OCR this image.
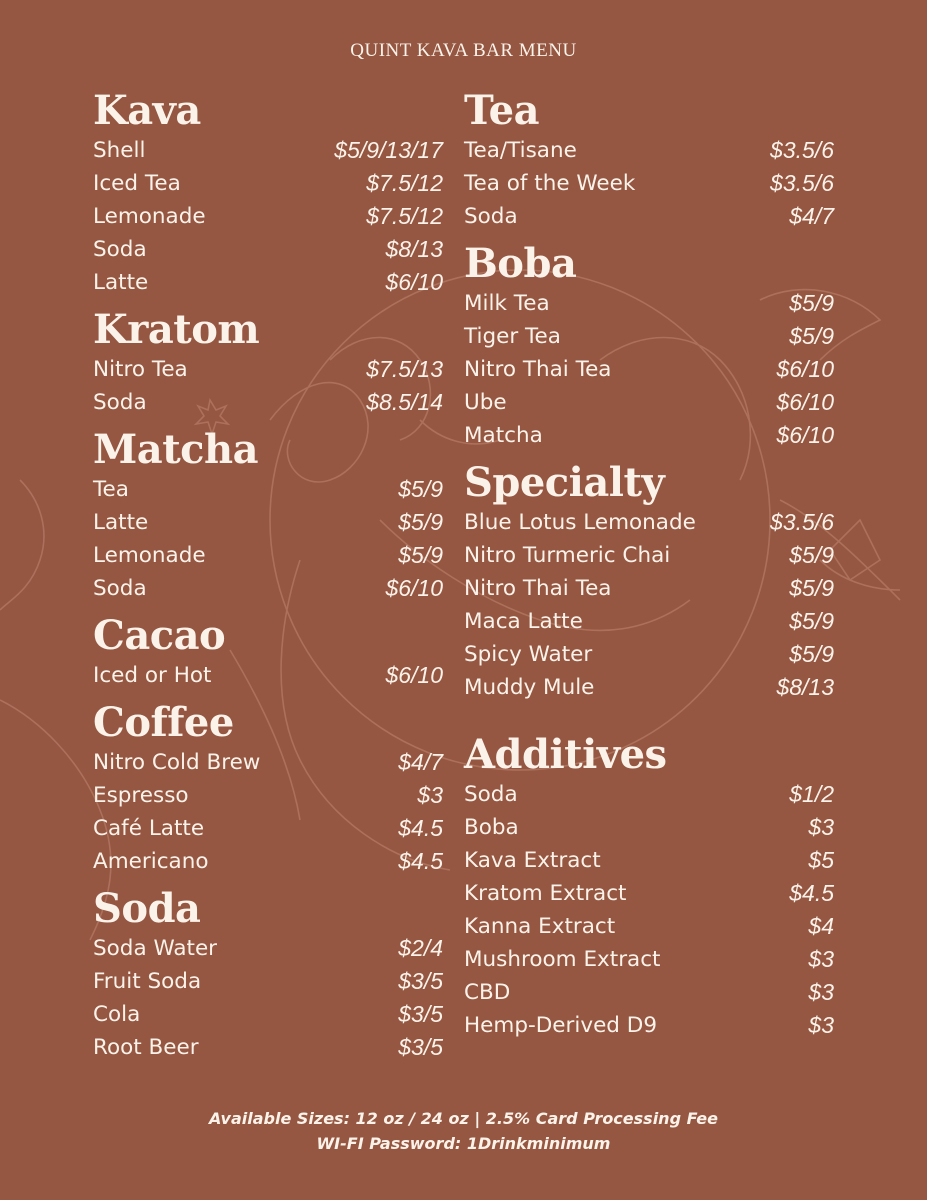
QUINT KAVA BAR MENU
Kava
Shell	$5/9/13/17
Iced Tea	$7.5/12
Lemonade	$7.5/12
Soda	$8/13
Latte	$6/10
Kratom
Nitro Tea	$7.5/13
Soda	$8.5/14
Matcha
Tea	$5/9
Latte	$5/9
Lemonade	$5/9
Soda	$6/10
Cacao
Iced or Hot	$6/10
Coffee
Nitro Cold Brew	$4/7
Espresso	$3
Café Latte	$4.5
Americano	$4.5
Soda
Soda Water	$2/4
Fruit Soda	$3/5
Cola	$3/5
Root Beer	$3/5
Tea
Tea/Tisane	$3.5/6
Tea of the Week	$3.5/6
Soda	$4/7
Boba
Milk Tea	$5/9
Tiger Tea	$5/9
Nitro Thai Tea	$6/10
Ube	$6/10
Matcha	$6/10
Specialty
Blue Lotus Lemonade	$3.5/6
Nitro Turmeric Chai	$5/9
Nitro Thai Tea	$5/9
Maca Latte	$5/9
Spicy Water	$5/9
Muddy Mule	$8/13
Additives
Soda	$1/2
Boba	$3
Kava Extract	$5
Kratom Extract	$4.5
Kanna Extract	$4
Mushroom Extract	$3
CBD	$3
Hemp-Derived D9	$3
Available Sizes: 12 oz / 24 oz | 2.5% Card Processing Fee
WI-FI Password: 1Drinkminimum
